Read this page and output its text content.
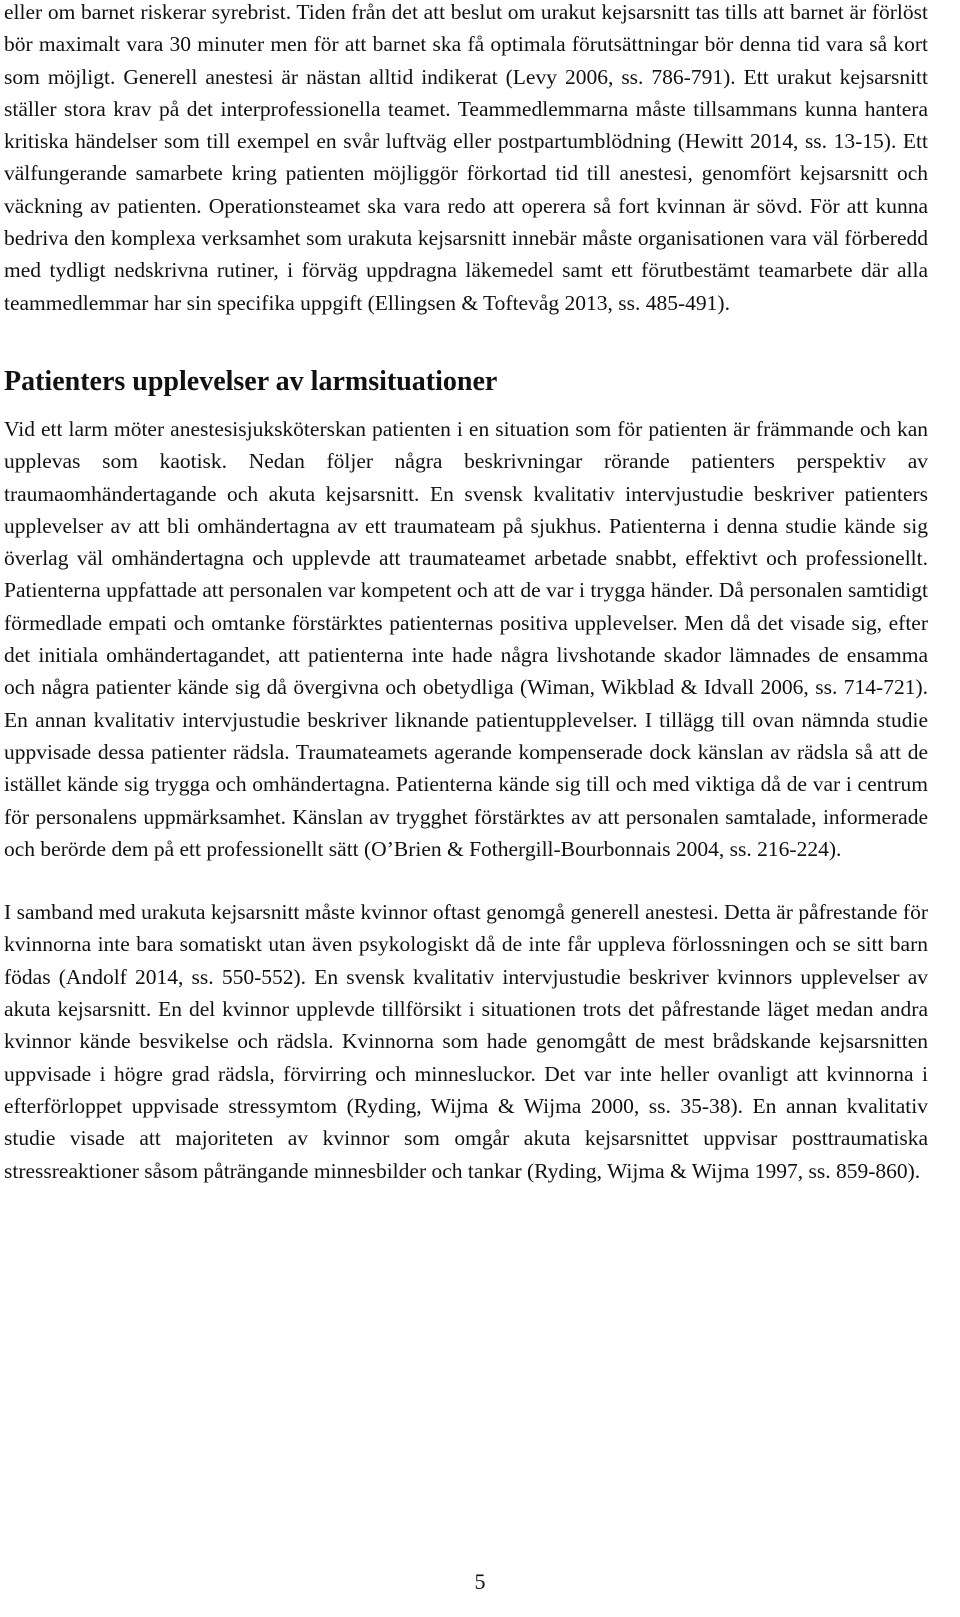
eller om barnet riskerar syrebrist. Tiden från det att beslut om urakut kejsarsnitt tas tills att barnet är förlöst bör maximalt vara 30 minuter men för att barnet ska få optimala förutsättningar bör denna tid vara så kort som möjligt. Generell anestesi är nästan alltid indikerat (Levy 2006, ss. 786-791). Ett urakut kejsarsnitt ställer stora krav på det interprofessionella teamet. Teammedlemmarna måste tillsammans kunna hantera kritiska händelser som till exempel en svår luftväg eller postpartumblödning (Hewitt 2014, ss. 13-15). Ett välfungerande samarbete kring patienten möjliggör förkortad tid till anestesi, genomfört kejsarsnitt och väckning av patienten. Operationsteamet ska vara redo att operera så fort kvinnan är sövd. För att kunna bedriva den komplexa verksamhet som urakuta kejsarsnitt innebär måste organisationen vara väl förberedd med tydligt nedskrivna rutiner, i förväg uppdragna läkemedel samt ett förutbestämt teamarbete där alla teammedlemmar har sin specifika uppgift (Ellingsen & Toftevåg 2013, ss. 485-491).

Patienters upplevelser av larmsituationer

Vid ett larm möter anestesisjuksköterskan patienten i en situation som för patienten är främmande och kan upplevas som kaotisk. Nedan följer några beskrivningar rörande patienters perspektiv av traumaomhändertagande och akuta kejsarsnitt. En svensk kvalitativ intervjustudie beskriver patienters upplevelser av att bli omhändertagna av ett traumateam på sjukhus. Patienterna i denna studie kände sig överlag väl omhändertagna och upplevde att traumateamet arbetade snabbt, effektivt och professionellt. Patienterna uppfattade att personalen var kompetent och att de var i trygga händer. Då personalen samtidigt förmedlade empati och omtanke förstärktes patienternas positiva upplevelser. Men då det visade sig, efter det initiala omhändertagandet, att patienterna inte hade några livshotande skador lämnades de ensamma och några patienter kände sig då övergivna och obetydliga (Wiman, Wikblad & Idvall 2006, ss. 714-721). En annan kvalitativ intervjustudie beskriver liknande patientupplevelser. I tillägg till ovan nämnda studie uppvisade dessa patienter rädsla. Traumateamets agerande kompenserade dock känslan av rädsla så att de istället kände sig trygga och omhändertagna. Patienterna kände sig till och med viktiga då de var i centrum för personalens uppmärksamhet. Känslan av trygghet förstärktes av att personalen samtalade, informerade och berörde dem på ett professionellt sätt (O’Brien & Fothergill-Bourbonnais 2004, ss. 216-224).

I samband med urakuta kejsarsnitt måste kvinnor oftast genomgå generell anestesi. Detta är påfrestande för kvinnorna inte bara somatiskt utan även psykologiskt då de inte får uppleva förlossningen och se sitt barn födas (Andolf 2014, ss. 550-552). En svensk kvalitativ intervjustudie beskriver kvinnors upplevelser av akuta kejsarsnitt. En del kvinnor upplevde tillförsikt i situationen trots det påfrestande läget medan andra kvinnor kände besvikelse och rädsla. Kvinnorna som hade genomgått de mest brådskande kejsarsnitten uppvisade i högre grad rädsla, förvirring och minnesluckor. Det var inte heller ovanligt att kvinnorna i efterförloppet uppvisade stressymtom (Ryding, Wijma & Wijma 2000, ss. 35-38). En annan kvalitativ studie visade att majoriteten av kvinnor som omgår akuta kejsarsnittet uppvisar posttraumatiska stressreaktioner såsom påträngande minnesbilder och tankar (Ryding, Wijma & Wijma 1997, ss. 859-860).

5
